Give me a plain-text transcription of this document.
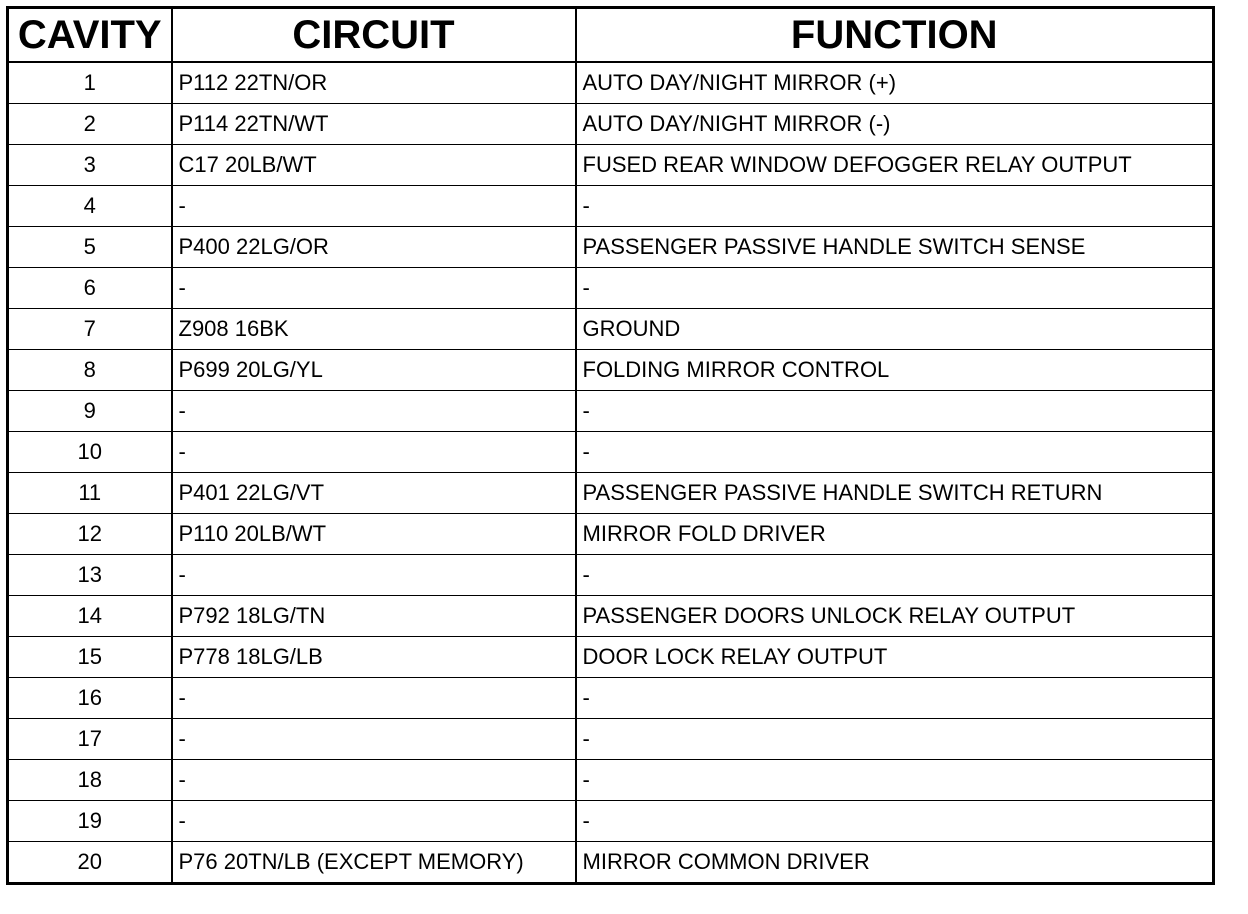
CAVITY	CIRCUIT	FUNCTION
1	P112 22TN/OR	AUTO DAY/NIGHT MIRROR (+)
2	P114 22TN/WT	AUTO DAY/NIGHT MIRROR (-)
3	C17 20LB/WT	FUSED REAR WINDOW DEFOGGER RELAY OUTPUT
4	-	-
5	P400 22LG/OR	PASSENGER PASSIVE HANDLE SWITCH SENSE
6	-	-
7	Z908 16BK	GROUND
8	P699 20LG/YL	FOLDING MIRROR CONTROL
9	-	-
10	-	-
11	P401 22LG/VT	PASSENGER PASSIVE HANDLE SWITCH RETURN
12	P110 20LB/WT	MIRROR FOLD DRIVER
13	-	-
14	P792 18LG/TN	PASSENGER DOORS UNLOCK RELAY OUTPUT
15	P778 18LG/LB	DOOR LOCK RELAY OUTPUT
16	-	-
17	-	-
18	-	-
19	-	-
20	P76 20TN/LB (EXCEPT MEMORY)	MIRROR COMMON DRIVER
